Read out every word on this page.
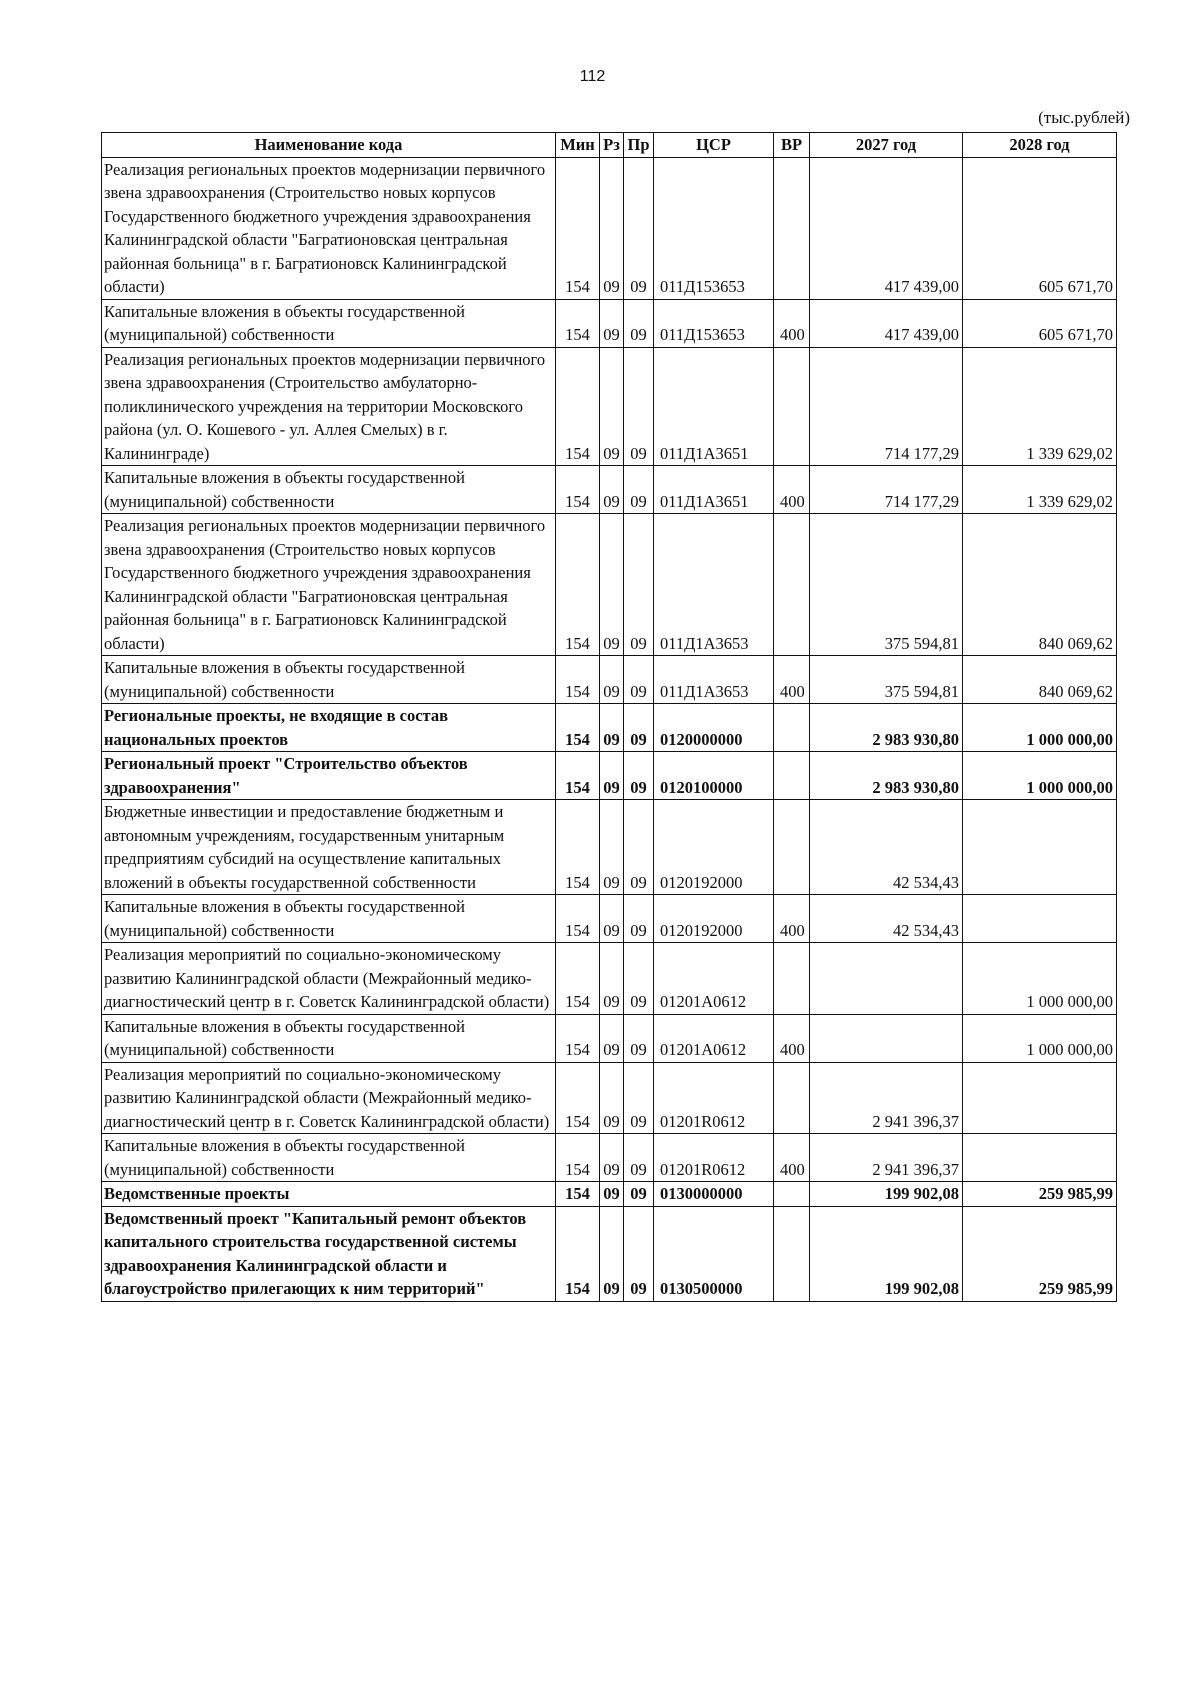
112
(тыс.рублей)
Наименование кода	Мин	Рз	Пр	ЦСР	ВР	2027 год	2028 год
Реализация региональных проектов модернизации первичного звена здравоохранения (Строительство новых корпусов Государственного бюджетного учреждения здравоохранения Калининградской области "Багратионовская центральная районная больница" в г. Багратионовск Калининградской области)	154	09	09	011Д153653		417 439,00	605 671,70
Капитальные вложения в объекты государственной (муниципальной) собственности	154	09	09	011Д153653	400	417 439,00	605 671,70
Реализация региональных проектов модернизации первичного звена здравоохранения (Строительство амбулаторно-поликлинического учреждения на территории Московского района (ул. О. Кошевого - ул. Аллея Смелых) в г. Калининграде)	154	09	09	011Д1А3651		714 177,29	1 339 629,02
Капитальные вложения в объекты государственной (муниципальной) собственности	154	09	09	011Д1А3651	400	714 177,29	1 339 629,02
Реализация региональных проектов модернизации первичного звена здравоохранения (Строительство новых корпусов Государственного бюджетного учреждения здравоохранения Калининградской области "Багратионовская центральная районная больница" в г. Багратионовск Калининградской области)	154	09	09	011Д1А3653		375 594,81	840 069,62
Капитальные вложения в объекты государственной (муниципальной) собственности	154	09	09	011Д1А3653	400	375 594,81	840 069,62
Региональные проекты, не входящие в состав национальных проектов	154	09	09	0120000000		2 983 930,80	1 000 000,00
Региональный проект "Строительство объектов здравоохранения"	154	09	09	0120100000		2 983 930,80	1 000 000,00
Бюджетные инвестиции и предоставление бюджетным и автономным учреждениям, государственным унитарным предприятиям субсидий на осуществление капитальных вложений в объекты государственной собственности	154	09	09	0120192000		42 534,43	
Капитальные вложения в объекты государственной (муниципальной) собственности	154	09	09	0120192000	400	42 534,43	
Реализация мероприятий по социально-экономическому развитию Калининградской области (Межрайонный медико-диагностический центр в г. Советск Калининградской области)	154	09	09	01201А0612			1 000 000,00
Капитальные вложения в объекты государственной (муниципальной) собственности	154	09	09	01201А0612	400		1 000 000,00
Реализация мероприятий по социально-экономическому развитию Калининградской области (Межрайонный медико-диагностический центр в г. Советск Калининградской области)	154	09	09	01201R0612		2 941 396,37	
Капитальные вложения в объекты государственной (муниципальной) собственности	154	09	09	01201R0612	400	2 941 396,37	
Ведомственные проекты	154	09	09	0130000000		199 902,08	259 985,99
Ведомственный проект "Капитальный ремонт объектов капитального строительства государственной системы здравоохранения Калининградской области и благоустройство прилегающих к ним территорий"	154	09	09	0130500000		199 902,08	259 985,99
